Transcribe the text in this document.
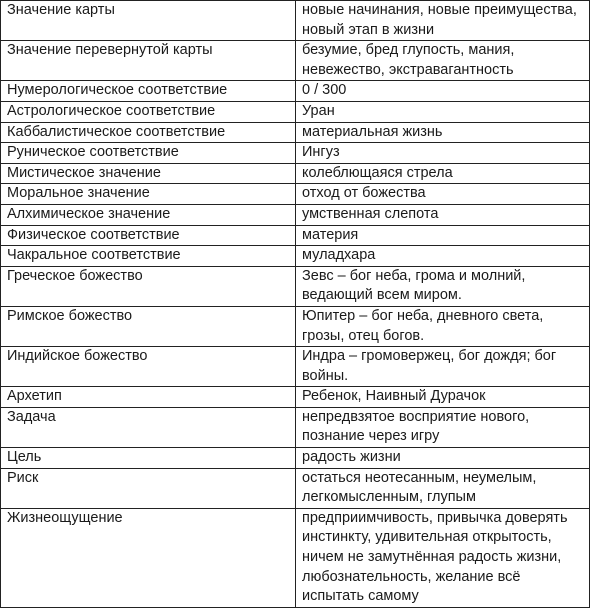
Значение карты	новые начинания, новые преимущества, новый этап в жизни
Значение перевернутой карты	безумие, бред глупость, мания, невежество, экстравагантность
Нумерологическое соответствие	0 / 300
Астрологическое соответствие	Уран
Каббалистическое соответствие	материальная жизнь
Руническое соответствие	Ингуз
Мистическое значение	колеблющаяся стрела
Моральное значение	отход от божества
Алхимическое значение	умственная слепота
Физическое соответствие	материя
Чакральное соответствие	муладхара
Греческое божество	Зевс – бог неба, грома и молний, ведающий всем миром.
Римское божество	Юпитер – бог неба, дневного света, грозы, отец богов.
Индийское божество	Индра – громовержец, бог дождя; бог войны.
Архетип	Ребенок, Наивный Дурачок
Задача	непредвзятое восприятие нового, познание через игру
Цель	радость жизни
Риск	остаться неотесанным, неумелым, легкомысленным, глупым
Жизнеощущение	предприимчивость, привычка доверять инстинкту, удивительная открытость, ничем не замутнённая радость жизни, любознательность, желание всё испытать самому
